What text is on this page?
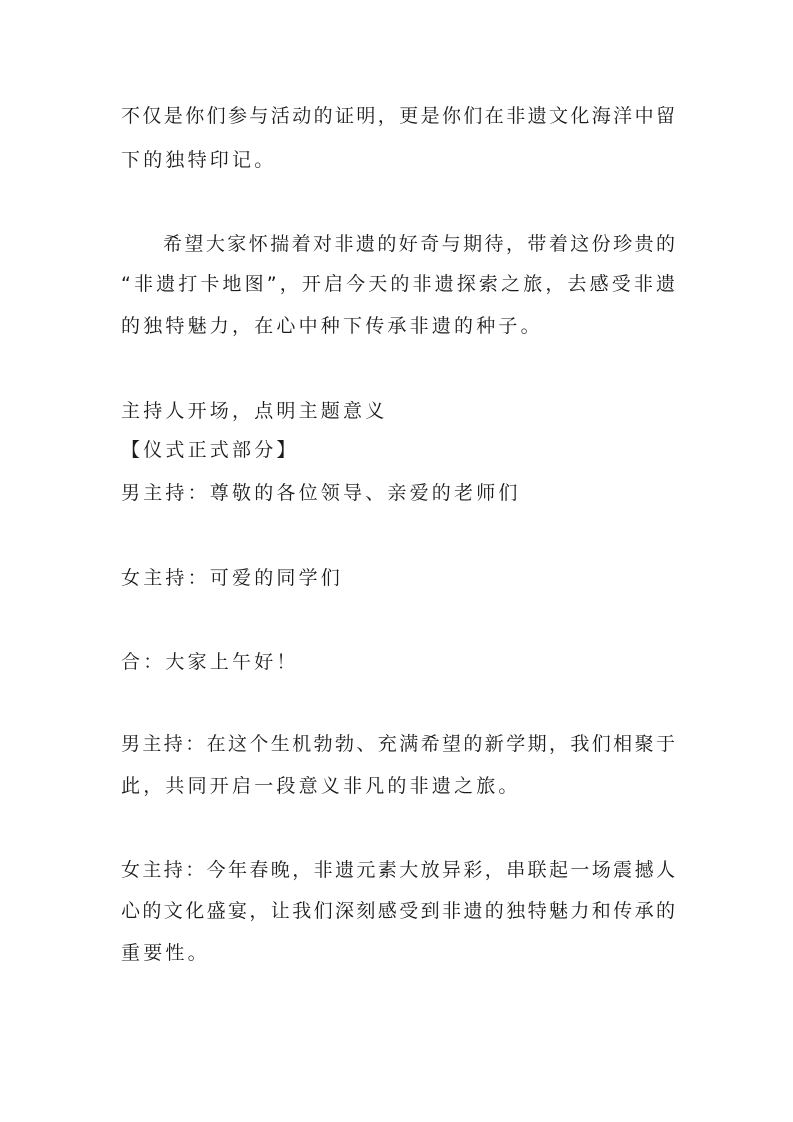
不仅是你们参与活动的证明，更是你们在非遗文化海洋中留
下的独特印记。
希望大家怀揣着对非遗的好奇与期待，带着这份珍贵的
“非遗打卡地图”，开启今天的非遗探索之旅，去感受非遗
的独特魅力，在心中种下传承非遗的种子。
主持人开场，点明主题意义
【仪式正式部分】
男主持：尊敬的各位领导、亲爱的老师们
女主持：可爱的同学们
合：大家上午好！
男主持：在这个生机勃勃、充满希望的新学期，我们相聚于
此，共同开启一段意义非凡的非遗之旅。
女主持：今年春晚，非遗元素大放异彩，串联起一场震撼人
心的文化盛宴，让我们深刻感受到非遗的独特魅力和传承的
重要性。
